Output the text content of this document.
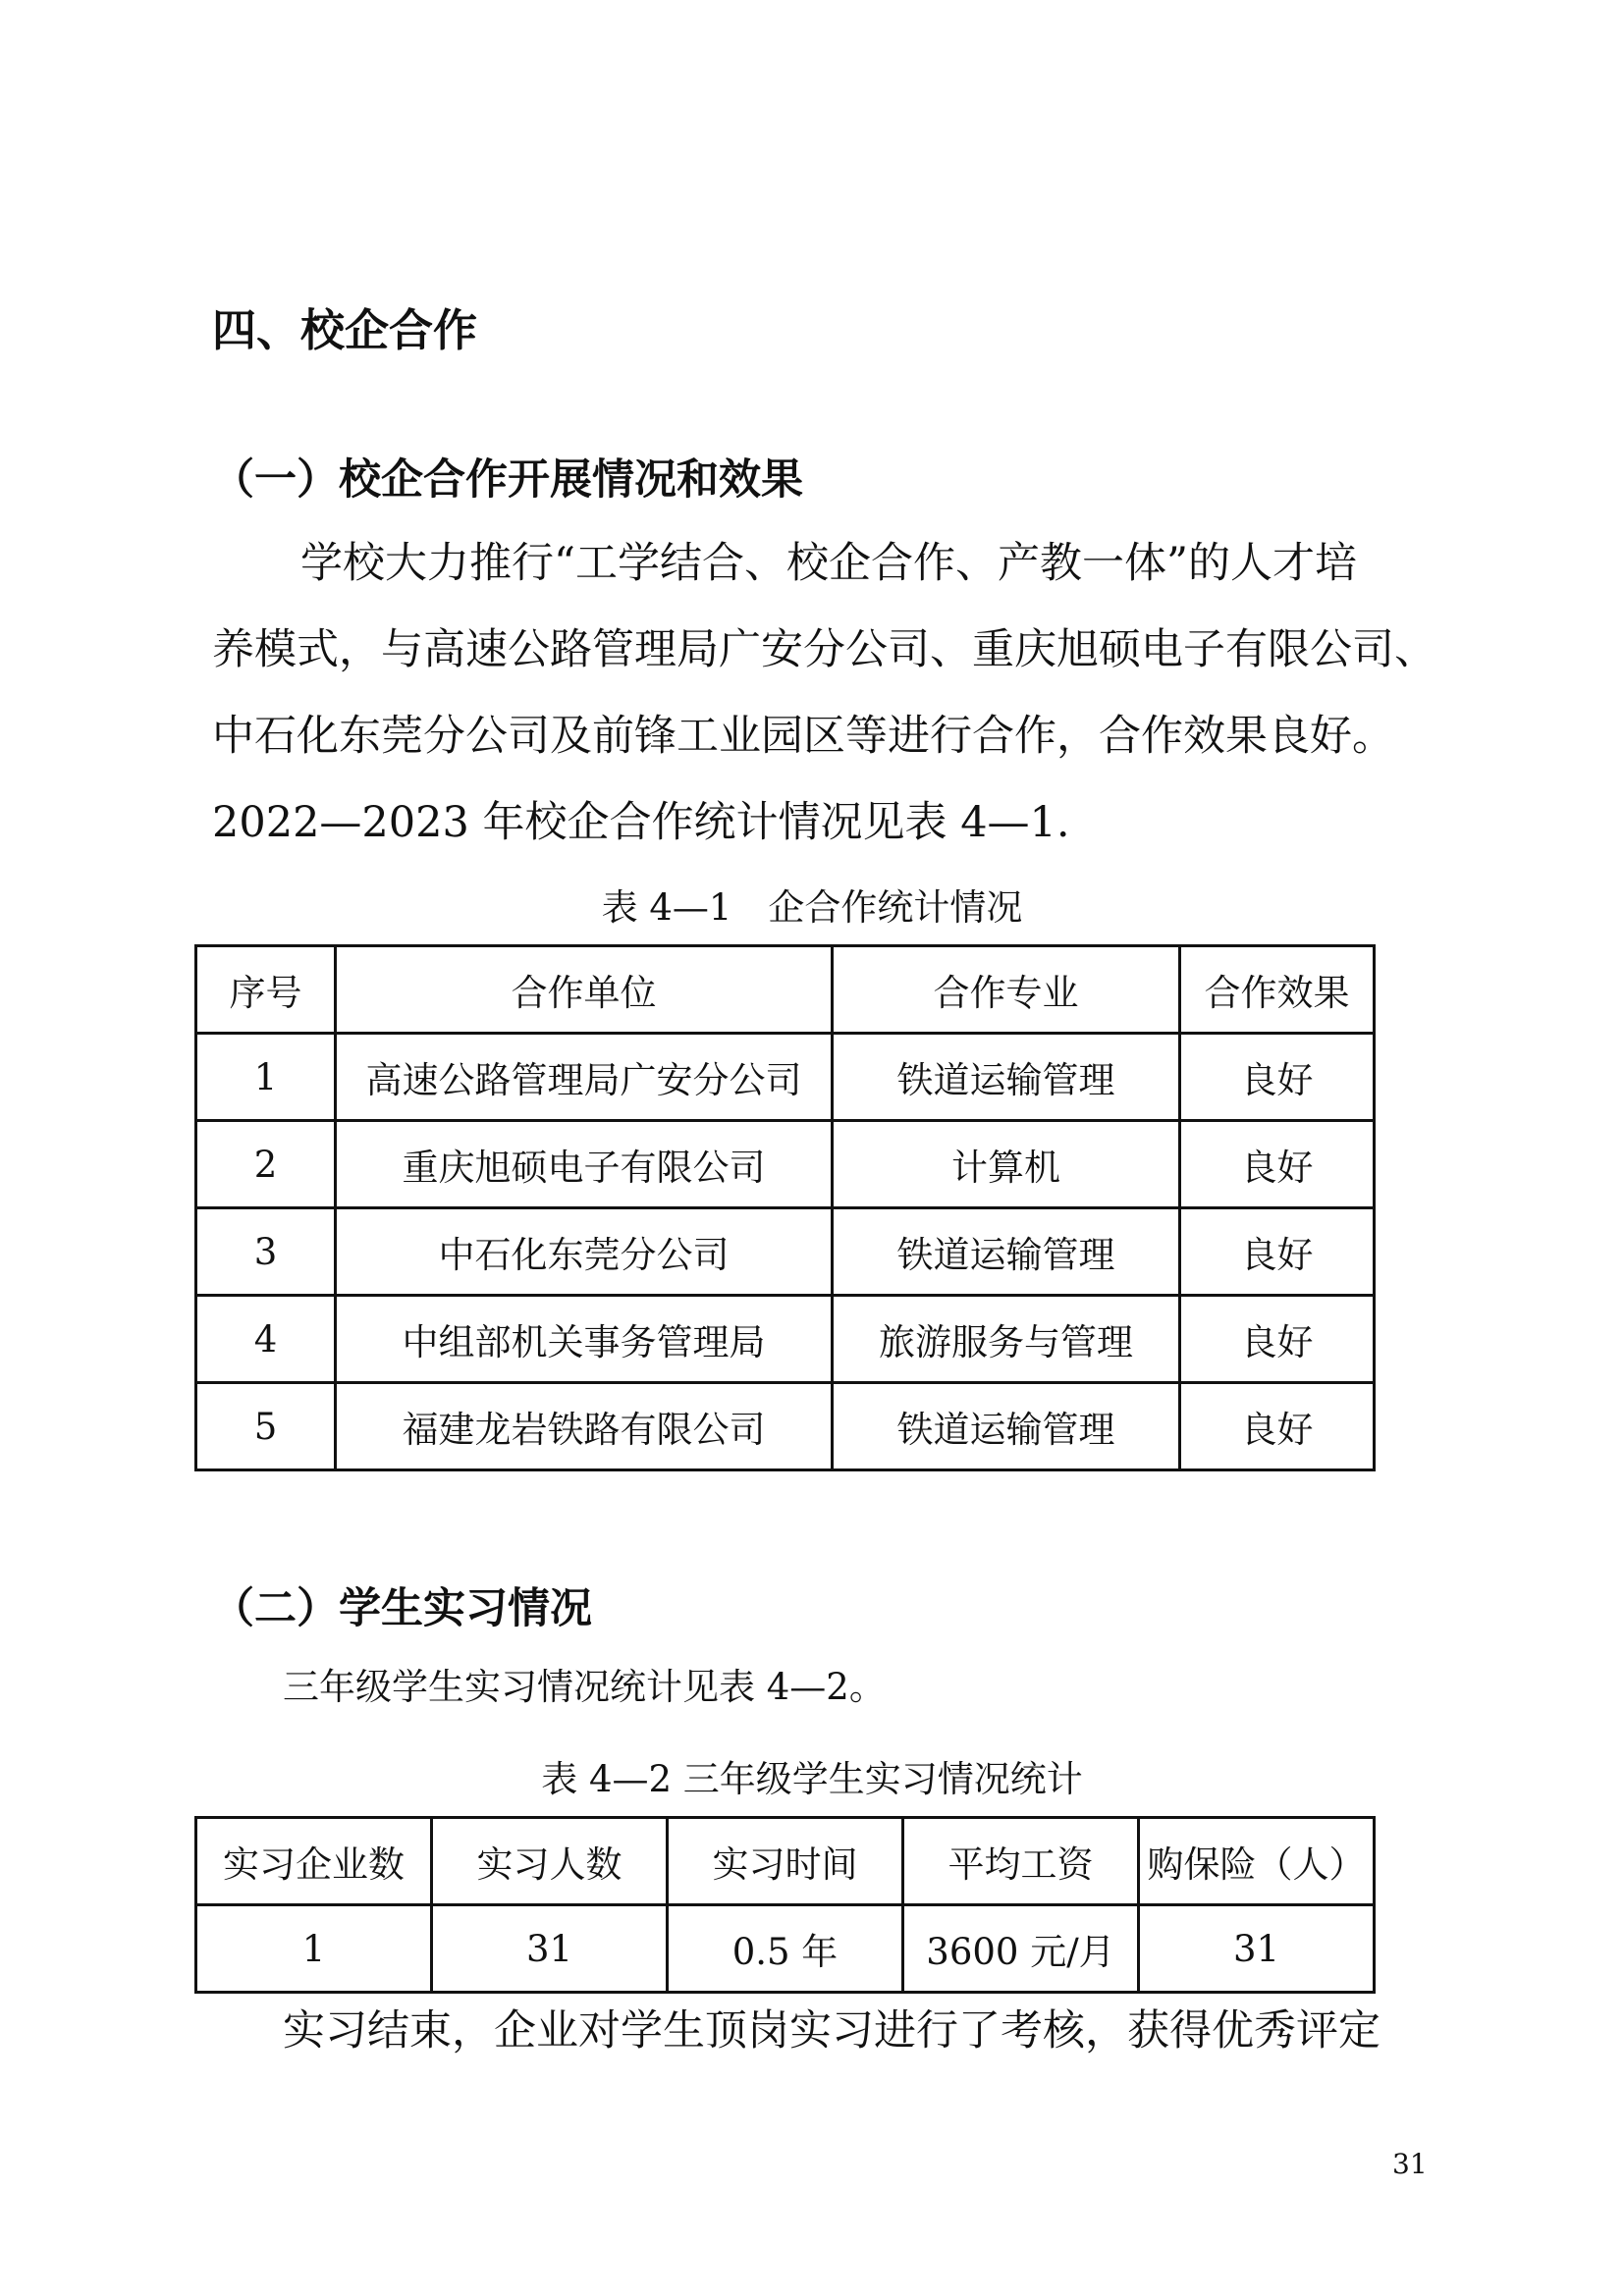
四、校企合作
（一）校企合作开展情况和效果
学校大力推行“工学结合、校企合作、产教一体”的人才培
养模式，与高速公路管理局广安分公司、重庆旭硕电子有限公司、
中石化东莞分公司及前锋工业园区等进行合作，合作效果良好。
2022—2023 年校企合作统计情况见表 4—1.
表 4—1　企合作统计情况
序号	合作单位	合作专业	合作效果
1	高速公路管理局广安分公司	铁道运输管理	良好
2	重庆旭硕电子有限公司	计算机	良好
3	中石化东莞分公司	铁道运输管理	良好
4	中组部机关事务管理局	旅游服务与管理	良好
5	福建龙岩铁路有限公司	铁道运输管理	良好
（二）学生实习情况
三年级学生实习情况统计见表 4—2。
表 4—2 三年级学生实习情况统计
实习企业数	实习人数	实习时间	平均工资	购保险（人）
1	31	0.5 年	3600 元/月	31
实习结束，企业对学生顶岗实习进行了考核，获得优秀评定
31
